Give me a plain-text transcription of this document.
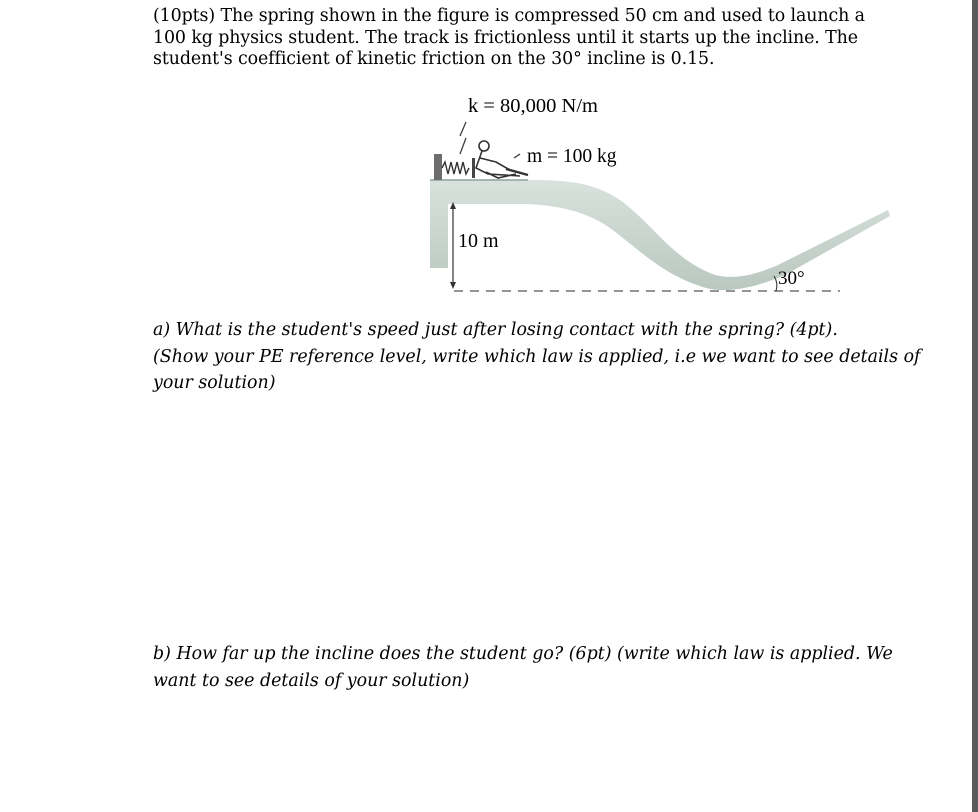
(10pts) The spring shown in the figure is compressed 50 cm and used to launch a
100 kg physics student. The track is frictionless until it starts up the incline. The
student's coefficient of kinetic friction on the 30° incline is 0.15.
k = 80,000 N/m
m = 100 kg
10 m
30°
a) What is the student's speed just after losing contact with the spring? (4pt).
(Show your PE reference level, write which law is applied, i.e we want to see details of
your solution)
b) How far up the incline does the student go? (6pt) (write which law is applied. We
want to see details of your solution)
